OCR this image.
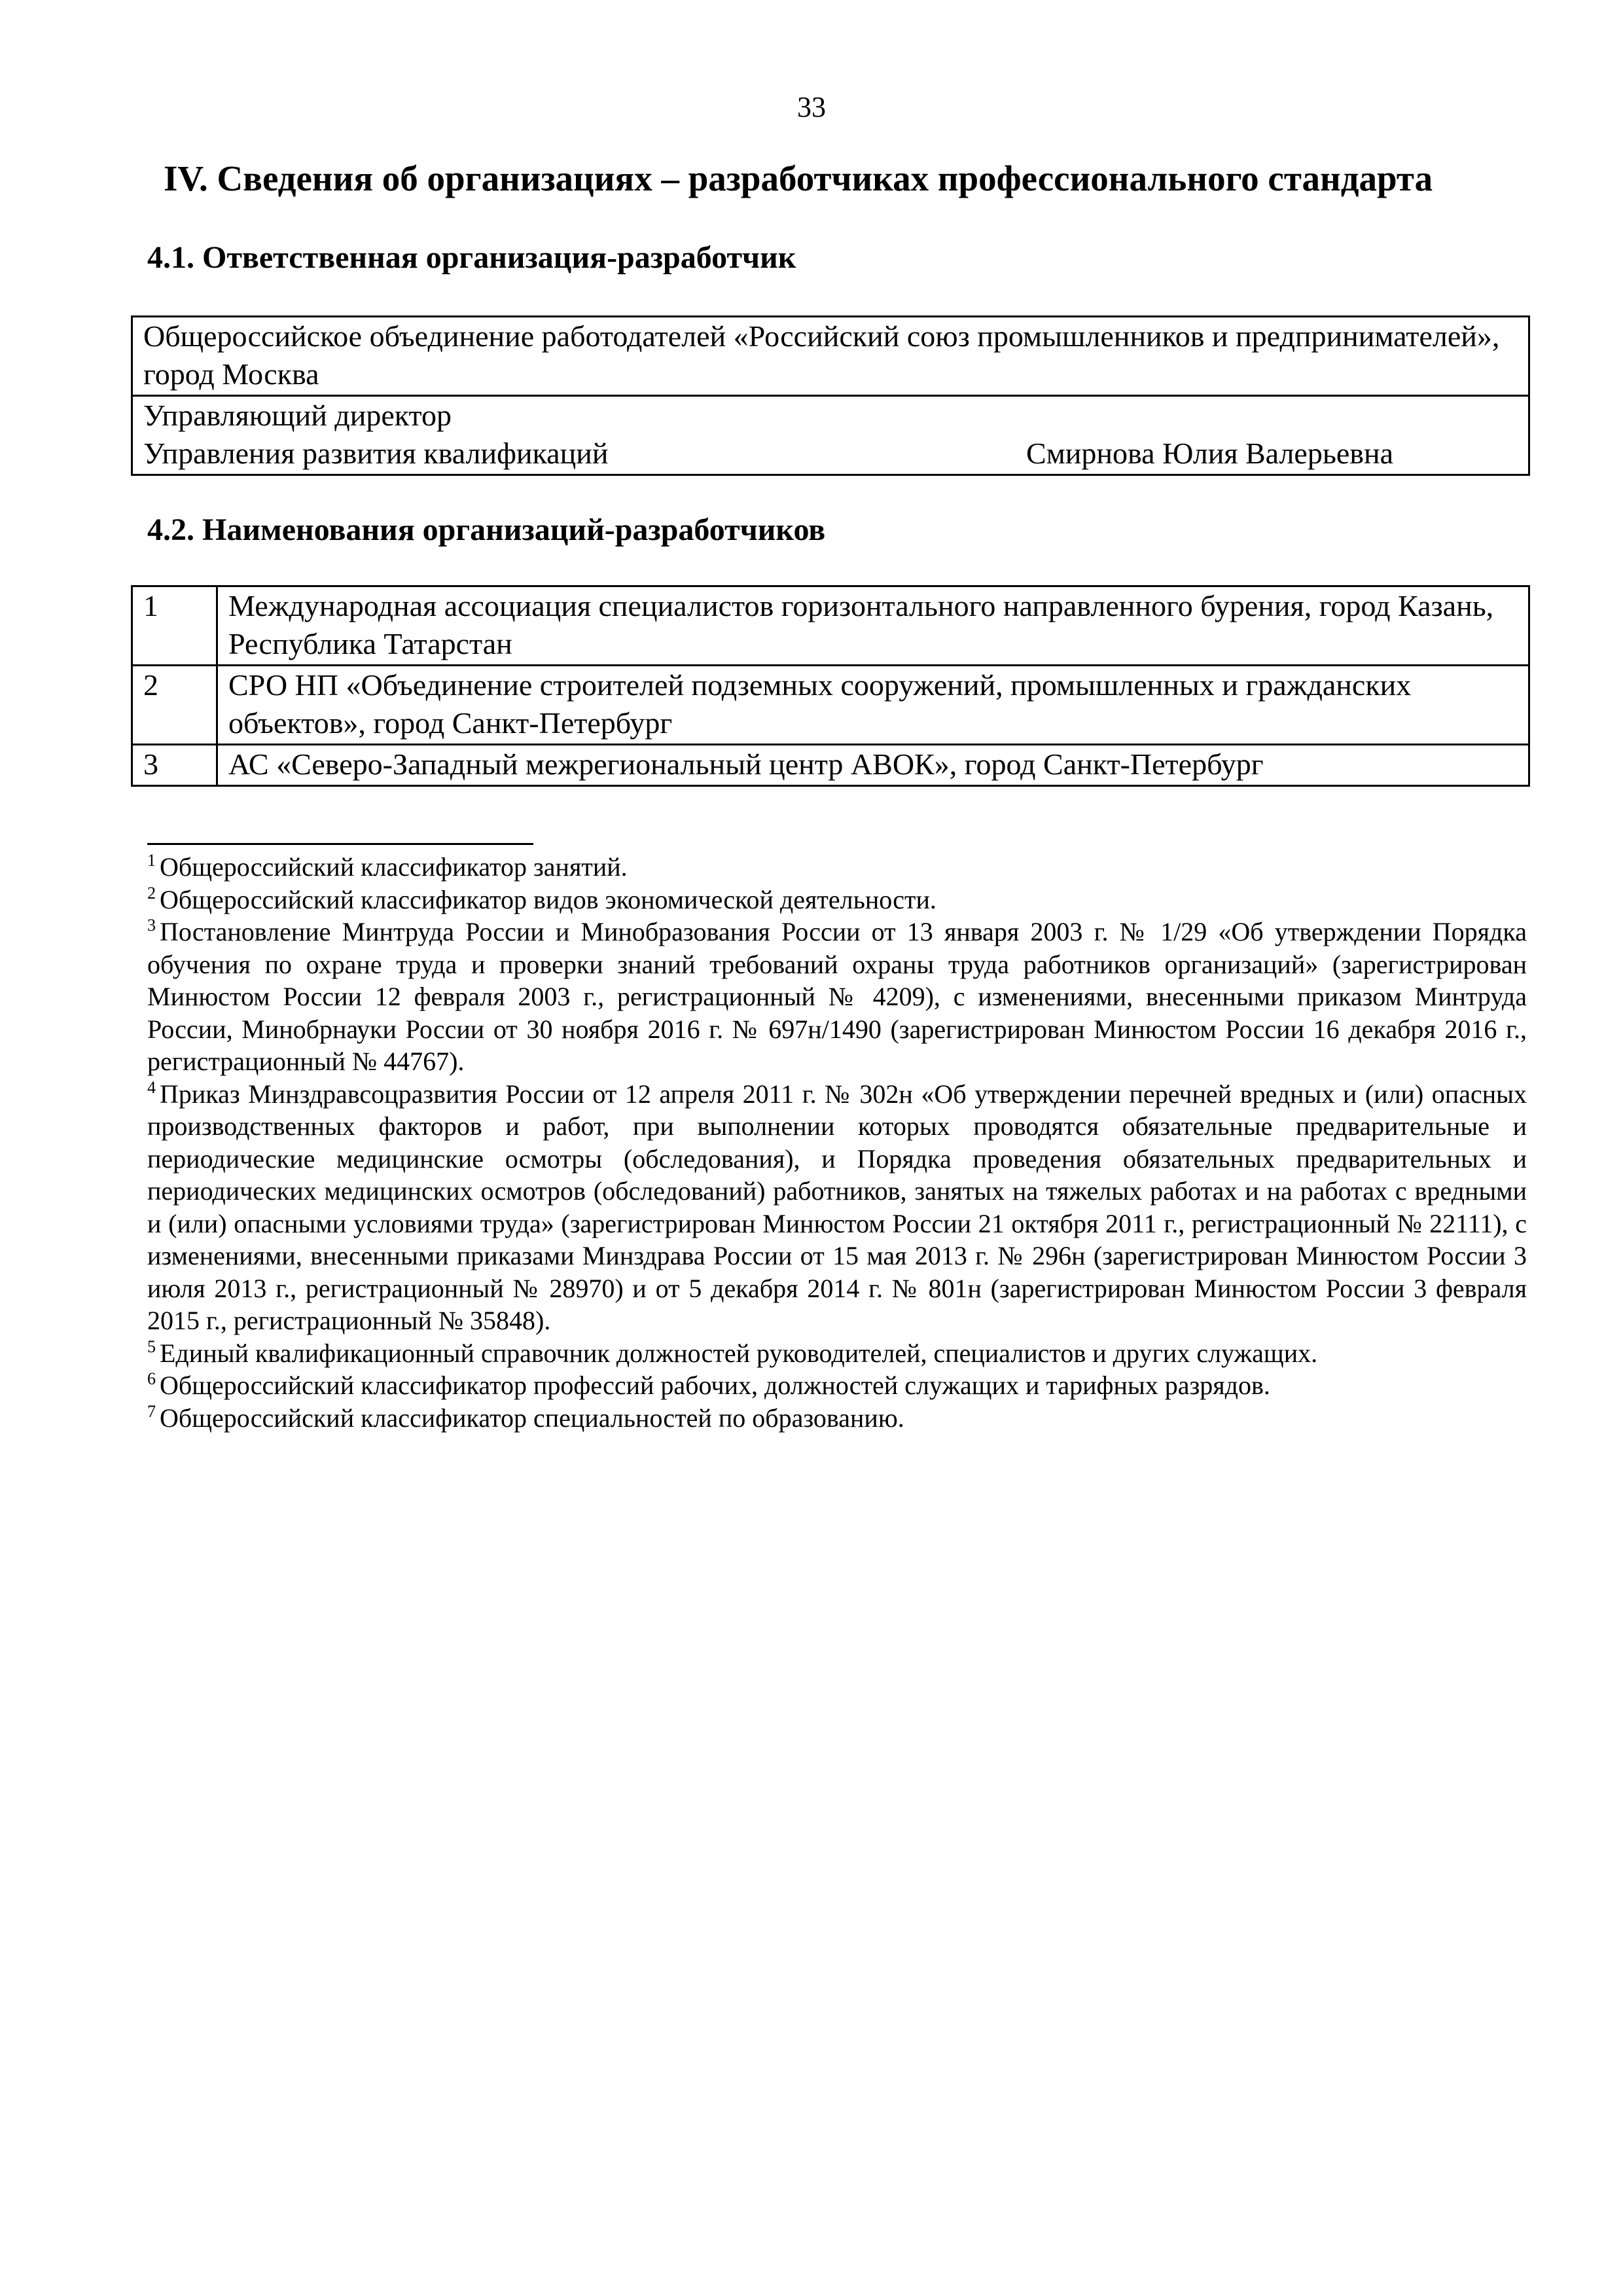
33
IV. Сведения об организациях – разработчиках профессионального стандарта
4.1. Ответственная организация-разработчик
Общероссийское объединение работодателей «Российский союз промышленников и предпринимателей», город Москва

Управляющий директор
Управления развития квалификаций	Смирнова Юлия Валерьевна
4.2. Наименования организаций-разработчиков
1	Международная ассоциация специалистов горизонтального направленного бурения, город Казань, Республика Татарстан
2	СРО НП «Объединение строителей подземных сооружений, промышленных и гражданских объектов», город Санкт-Петербург
3	АС «Северо-Западный межрегиональный центр АВОК», город Санкт-Петербург

$^1$ Общероссийский классификатор занятий.

$^2$ Общероссийский классификатор видов экономической деятельности.

$^3$ Постановление Минтруда России и Минобразования России от 13 января 2003 г. № 1/29 «Об утверждении Порядка обучения по охране труда и проверки знаний требований охраны труда работников организаций» (зарегистрирован Минюстом России 12 февраля 2003 г., регистрационный № 4209), с изменениями, внесенными приказом Минтруда России, Минобрнауки России от 30 ноября 2016 г. № 697н/1490 (зарегистрирован Минюстом России 16 декабря 2016 г., регистрационный № 44767).

$^4$ Приказ Минздравсоцразвития России от 12 апреля 2011 г. № 302н «Об утверждении перечней вредных и (или) опасных производственных факторов и работ, при выполнении которых проводятся обязательные предварительные и периодические медицинские осмотры (обследования), и Порядка проведения обязательных предварительных и периодических медицинских осмотров (обследований) работников, занятых на тяжелых работах и на работах с вредными и (или) опасными условиями труда» (зарегистрирован Минюстом России 21 октября 2011 г., регистрационный № 22111), с изменениями, внесенными приказами Минздрава России от 15 мая 2013 г. № 296н (зарегистрирован Минюстом России 3 июля 2013 г., регистрационный № 28970) и от 5 декабря 2014 г. № 801н (зарегистрирован Минюстом России 3 февраля 2015 г., регистрационный № 35848).

$^5$ Единый квалификационный справочник должностей руководителей, специалистов и других служащих.

$^6$ Общероссийский классификатор профессий рабочих, должностей служащих и тарифных разрядов.

$^7$ Общероссийский классификатор специальностей по образованию.
